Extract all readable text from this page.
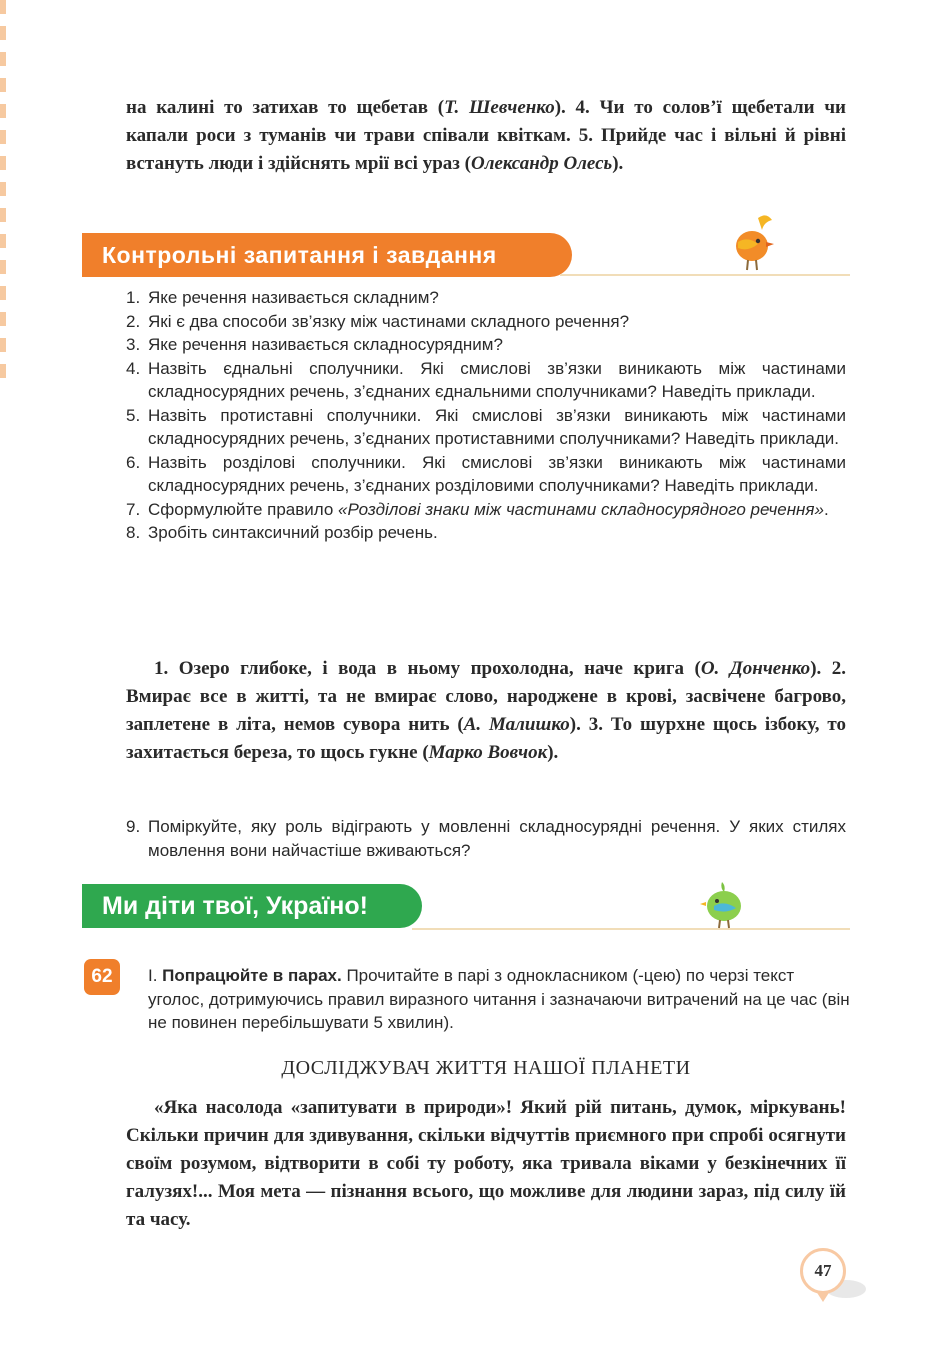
на калині то затихав то щебетав (Т. Шевченко). 4. Чи то солов’ї щебетали чи капали роси з туманів чи трави співали квіткам. 5. Прийде час і вільні й рівні встануть люди і здійснять мрії всі ураз (Олександр Олесь).
Контрольні запитання і завдання
1. Яке речення називається складним?
2. Які є два способи зв’язку між частинами складного речення?
3. Яке речення називається складносурядним?
4. Назвіть єднальні сполучники. Які смислові зв’язки виникають між частинами складносурядних речень, з’єднаних єднальними сполучниками? Наведіть приклади.
5. Назвіть протиставні сполучники. Які смислові зв’язки виникають між частинами складносурядних речень, з’єднаних протиставними сполучниками? Наведіть приклади.
6. Назвіть розділові сполучники. Які смислові зв’язки виникають між частинами складносурядних речень, з’єднаних розділовими сполучниками? Наведіть приклади.
7. Сформулюйте правило «Розділові знаки між частинами складносурядного речення».
8. Зробіть синтаксичний розбір речень.
1. Озеро глибоке, і вода в ньому прохолодна, наче крига (О. Донченко). 2. Вмирає все в житті, та не вмирає слово, народжене в крові, засвічене багрово, заплетене в літа, немов сувора нить (А. Малишко). 3. То шурхне щось ізбоку, то захитається береза, то щось гукне (Марко Вовчок).
9. Поміркуйте, яку роль відіграють у мовленні складносурядні речення. У яких стилях мовлення вони найчастіше вживаються?
Ми діти твої, Україно!
62	І. Попрацюйте в парах. Прочитайте в парі з однокласником (-цею) по черзі текст уголос, дотримуючись правил виразного читання і зазначаючи витрачений на це час (він не повинен перебільшувати 5 хвилин).
ДОСЛІДЖУВАЧ ЖИТТЯ НАШОЇ ПЛАНЕТИ
«Яка насолода «запитувати в природи»! Який рій питань, думок, міркувань! Скільки причин для здивування, скільки відчуттів приємного при спробі осягнути своїм розумом, відтворити в собі ту роботу, яка тривала віками у безкінечних її галузях!... Моя мета — пізнання всього, що можливе для людини зараз, під силу їй та часу.
47
